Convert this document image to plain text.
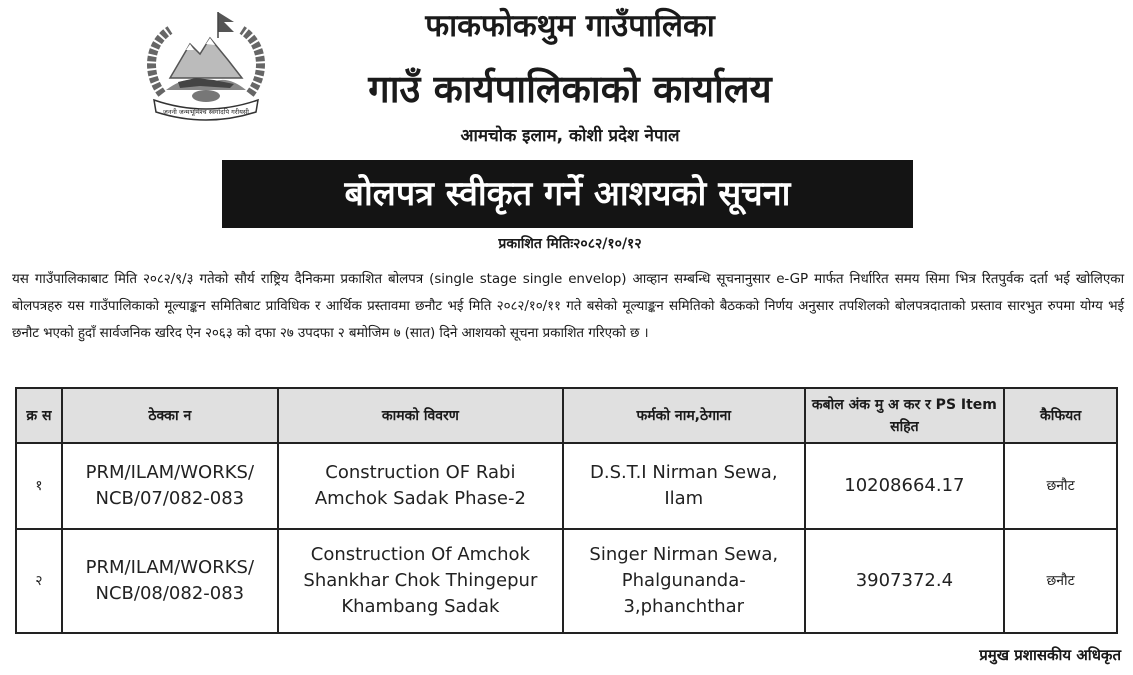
जननी जन्मभूमिश्च स्वर्गादपि गरीयसी
फाकफोकथुम गाउँपालिका
गाउँ कार्यपालिकाको कार्यालय
आमचोक इलाम, कोशी प्रदेश नेपाल
बोलपत्र स्वीकृत गर्ने आशयको सूचना
प्रकाशित मितिः२०८२/१०/१२

यस गाउँपालिकाबाट मिति २०८२/९/३ गतेको सौर्य राष्ट्रिय दैनिकमा प्रकाशित बोलपत्र (single stage single envelop) आव्हान सम्बन्धि सूचनानुसार e-GP मार्फत निर्धारित समय सिमा भित्र रितपुर्वक दर्ता भई खोलिएका बोलपत्रहरु यस गाउँपालिकाको मूल्याङ्कन समितिबाट प्राविधिक र आर्थिक प्रस्तावमा छनौट भई मिति २०८२/१०/११ गते बसेको मूल्याङ्कन समितिको बैठकको निर्णय अनुसार तपशिलको बोलपत्रदाताको प्रस्ताव सारभुत रुपमा योग्य भई छनौट भएको हुदाँ सार्वजनिक खरिद ऐन २०६३ को दफा २७ उपदफा २ बमोजिम ७ (सात) दिने आशयको सूचना प्रकाशित गरिएको छ ।

क्र स	ठेक्का न	कामको विवरण	फर्मको नाम,ठेगाना	कबोल अंक मु अ कर र PS Item सहित	कैफियत
१	PRM/ILAM/WORKS/ NCB/07/082-083	Construction OF Rabi Amchok Sadak Phase-2	D.S.T.I Nirman Sewa, Ilam	10208664.17	छनौट
२	PRM/ILAM/WORKS/ NCB/08/082-083	Construction Of Amchok Shankhar Chok Thingepur Khambang Sadak	Singer Nirman Sewa, Phalgunanda-3,phanchthar	3907372.4	छनौट
प्रमुख प्रशासकीय अधिकृत
